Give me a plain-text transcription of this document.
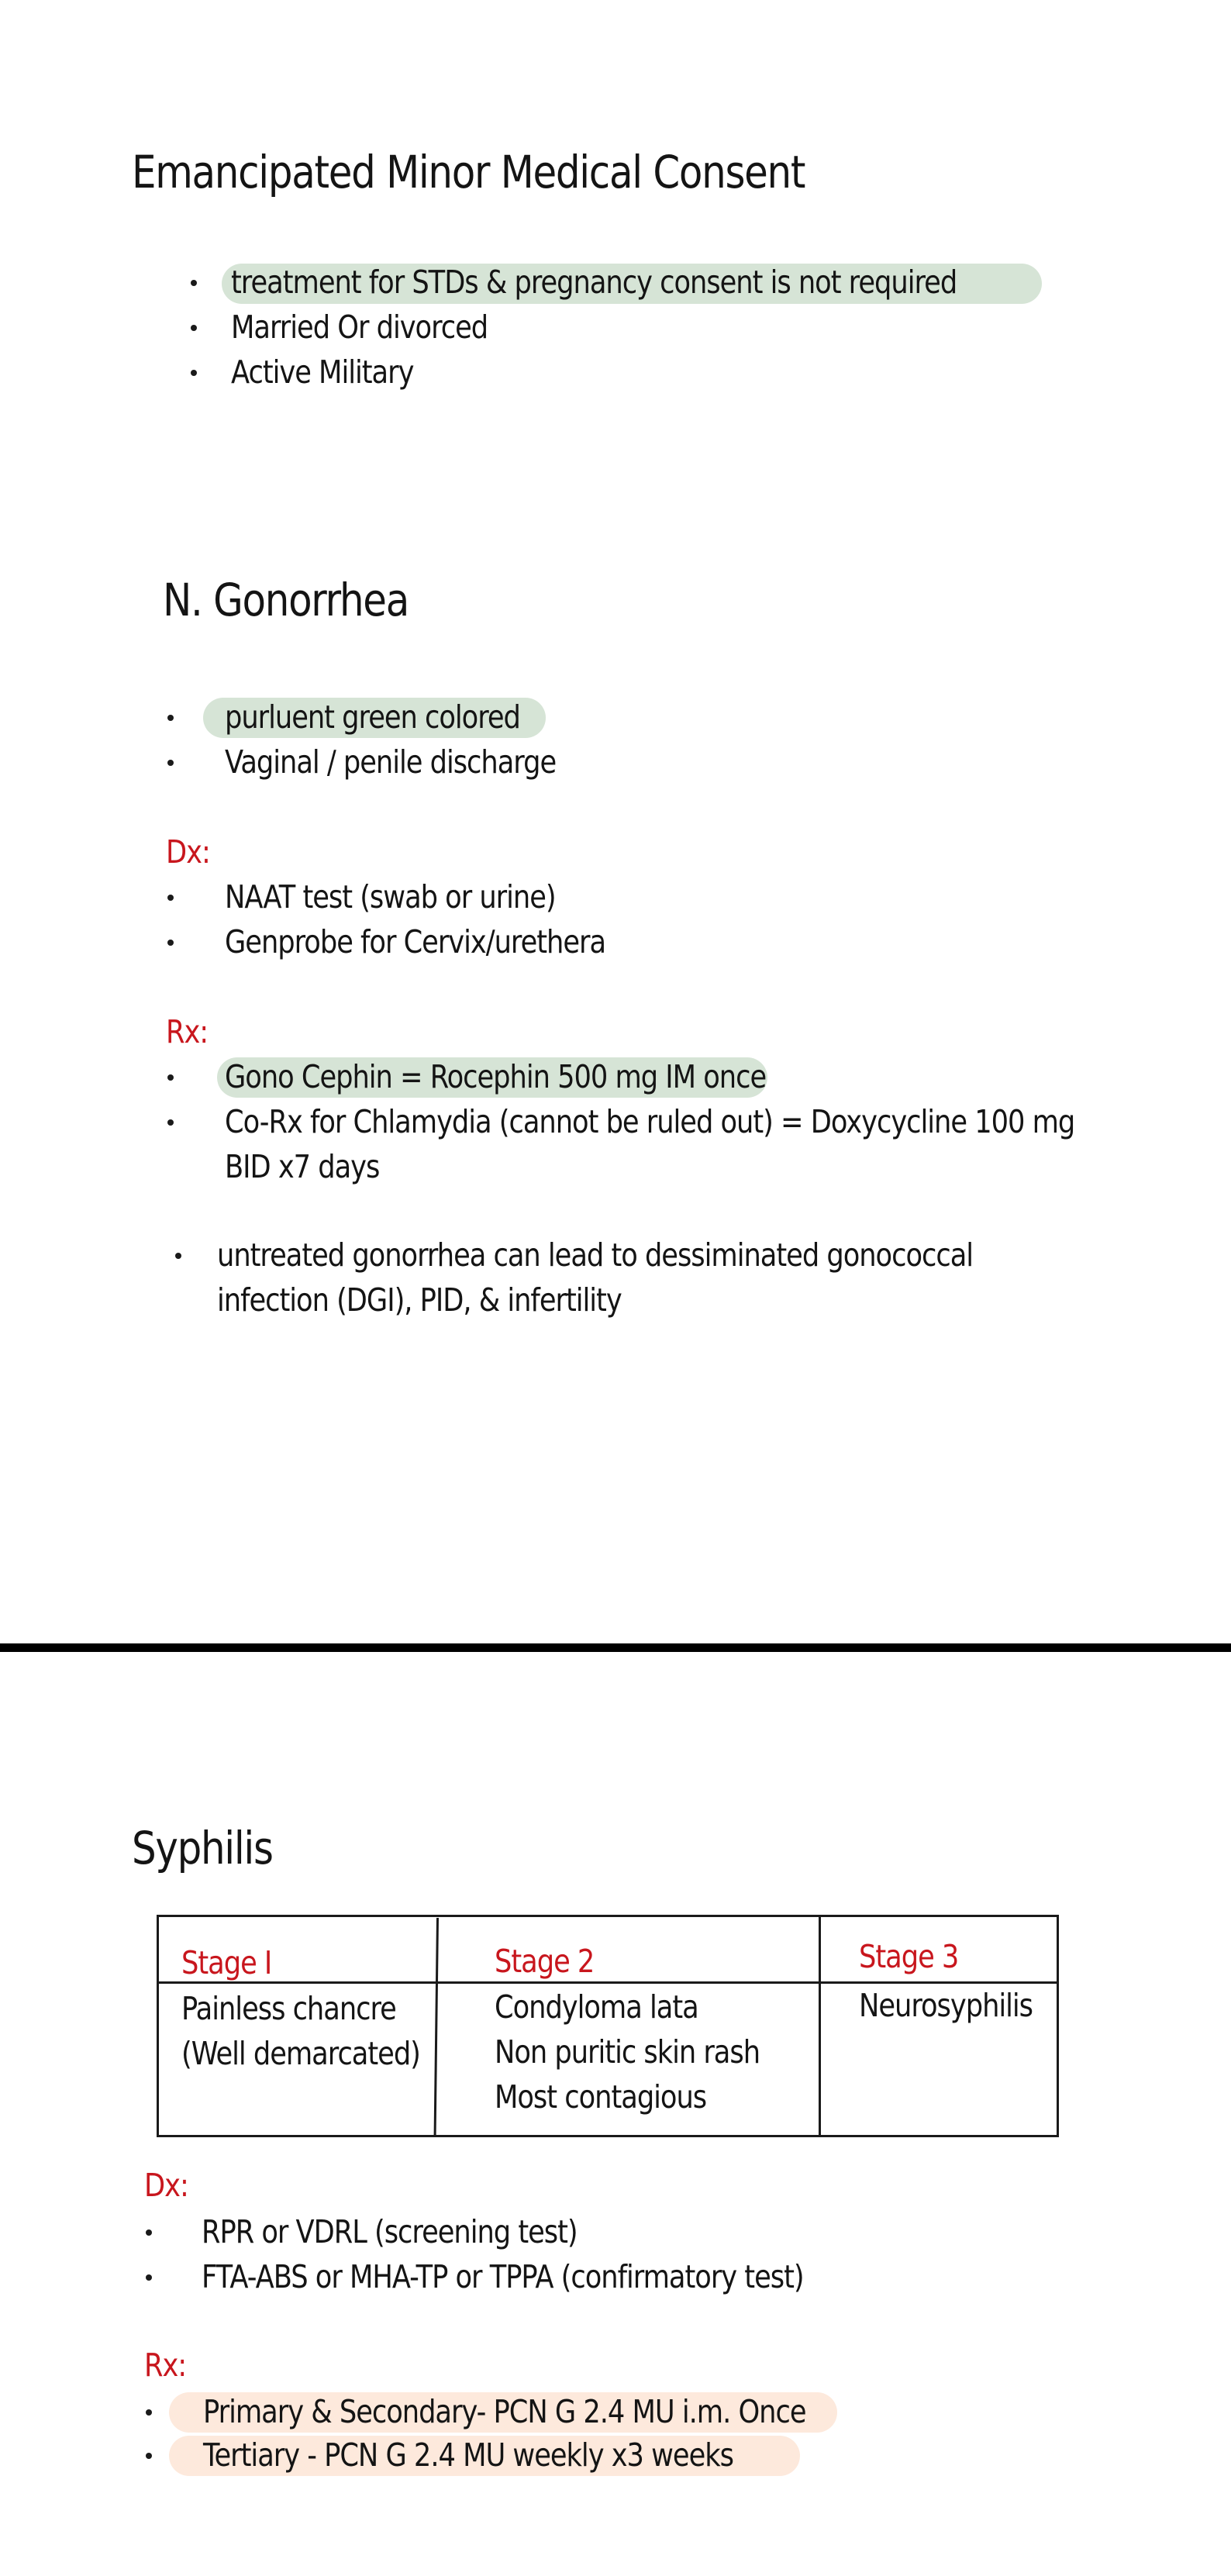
Emancipated Minor Medical Consent
treatment for STDs & pregnancy consent is not required
Married Or divorced
Active Military
N. Gonorrhea
purluent green colored
Vaginal / penile discharge
Dx:
NAAT test (swab or urine)
Genprobe for Cervix/urethera
Rx:
Gono Cephin = Rocephin 500 mg IM once
Co-Rx for Chlamydia (cannot be ruled out) = Doxycycline 100 mg
BID x7 days
untreated gonorrhea can lead to dessiminated gonococcal
infection (DGI), PID, & infertility
Syphilis
Stage I	Stage 2	Stage 3
Painless chancre
(Well demarcated)
Condyloma lata
Non puritic skin rash
Most contagious
Neurosyphilis
Dx:
RPR or VDRL (screening test)
FTA-ABS or MHA-TP or TPPA (confirmatory test)
Rx:
Primary & Secondary- PCN G 2.4 MU i.m. Once
Tertiary - PCN G 2.4 MU weekly x3 weeks
